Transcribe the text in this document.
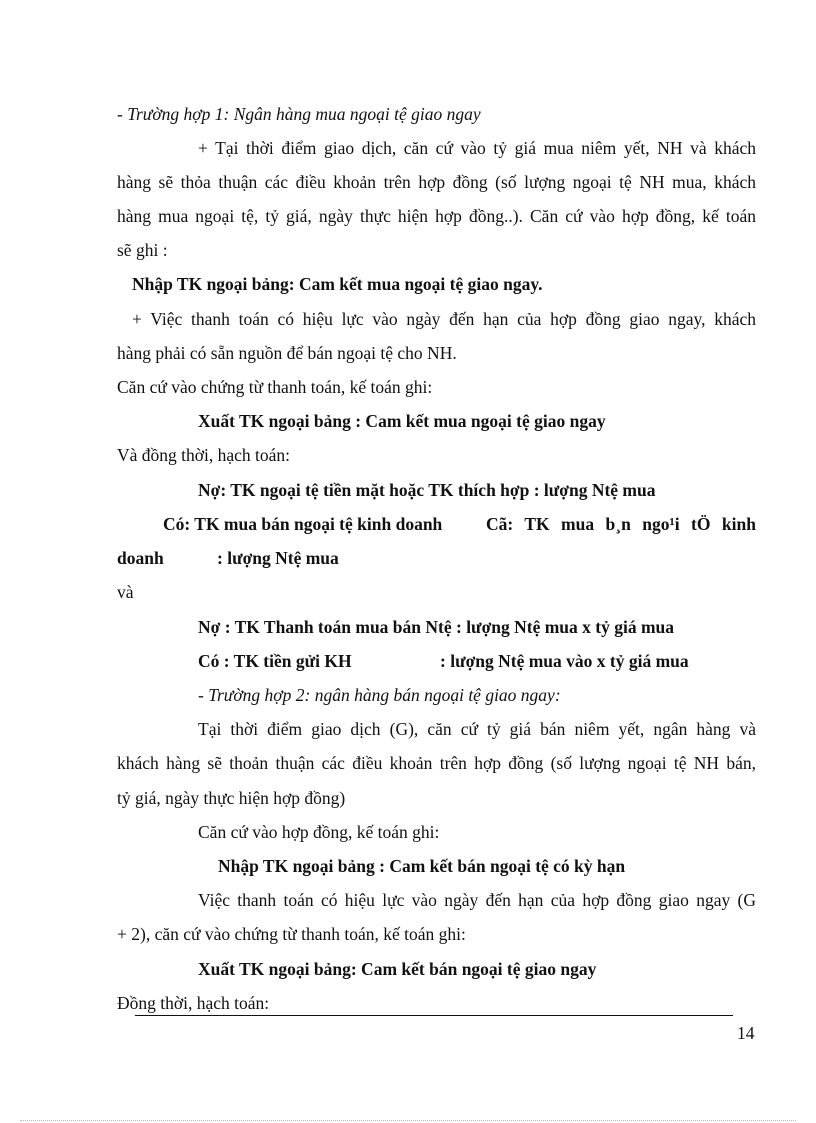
- Trường hợp 1: Ngân hàng mua ngoại tệ giao ngay
+ Tại thời điểm giao dịch, căn cứ vào tỷ giá mua niêm yết, NH và khách
hàng sẽ thỏa thuận các điều khoản trên hợp đồng (số lượng ngoại tệ NH mua, khách
hàng mua ngoại tệ, tỷ giá, ngày thực hiện hợp đồng..). Căn cứ vào hợp đồng, kế toán
sẽ ghi :
Nhập TK ngoại bảng: Cam kết mua ngoại tệ giao ngay.
+ Việc thanh toán có hiệu lực vào ngày đến hạn của hợp đồng giao ngay, khách
hàng phải có sẵn nguồn để bán ngoại tệ cho NH.
Căn cứ vào chứng từ thanh toán, kế toán ghi:
Xuất TK ngoại bảng : Cam kết mua ngoại tệ giao ngay
Và đồng thời, hạch toán:
Nợ: TK ngoại tệ tiền mặt hoặc TK thích hợp : lượng Ntệ mua
Có: TK mua bán ngoại tệ kinh doanh Cã: TK mua b¸n ngo¹i tÖ kinh
doanh	: lượng Ntệ mua
và
Nợ : TK Thanh toán mua bán Ntệ : lượng Ntệ mua x tỷ giá mua
Có : TK tiền gửi KH	: lượng Ntệ mua vào x tỷ giá mua
- Trường hợp 2: ngân hàng bán ngoại tệ giao ngay:
Tại thời điểm giao dịch (G), căn cứ tỷ giá bán niêm yết, ngân hàng và
khách hàng sẽ thoản thuận các điều khoản trên hợp đồng (số lượng ngoại tệ NH bán,
tỷ giá, ngày thực hiện hợp đồng)
Căn cứ vào hợp đồng, kế toán ghi:
Nhập TK ngoại bảng : Cam kết bán ngoại tệ có kỳ hạn
Việc thanh toán có hiệu lực vào ngày đến hạn của hợp đồng giao ngay (G
+ 2), căn cứ vào chứng từ thanh toán, kế toán ghi:
Xuất TK ngoại bảng: Cam kết bán ngoại tệ giao ngay
Đồng thời, hạch toán:
14
